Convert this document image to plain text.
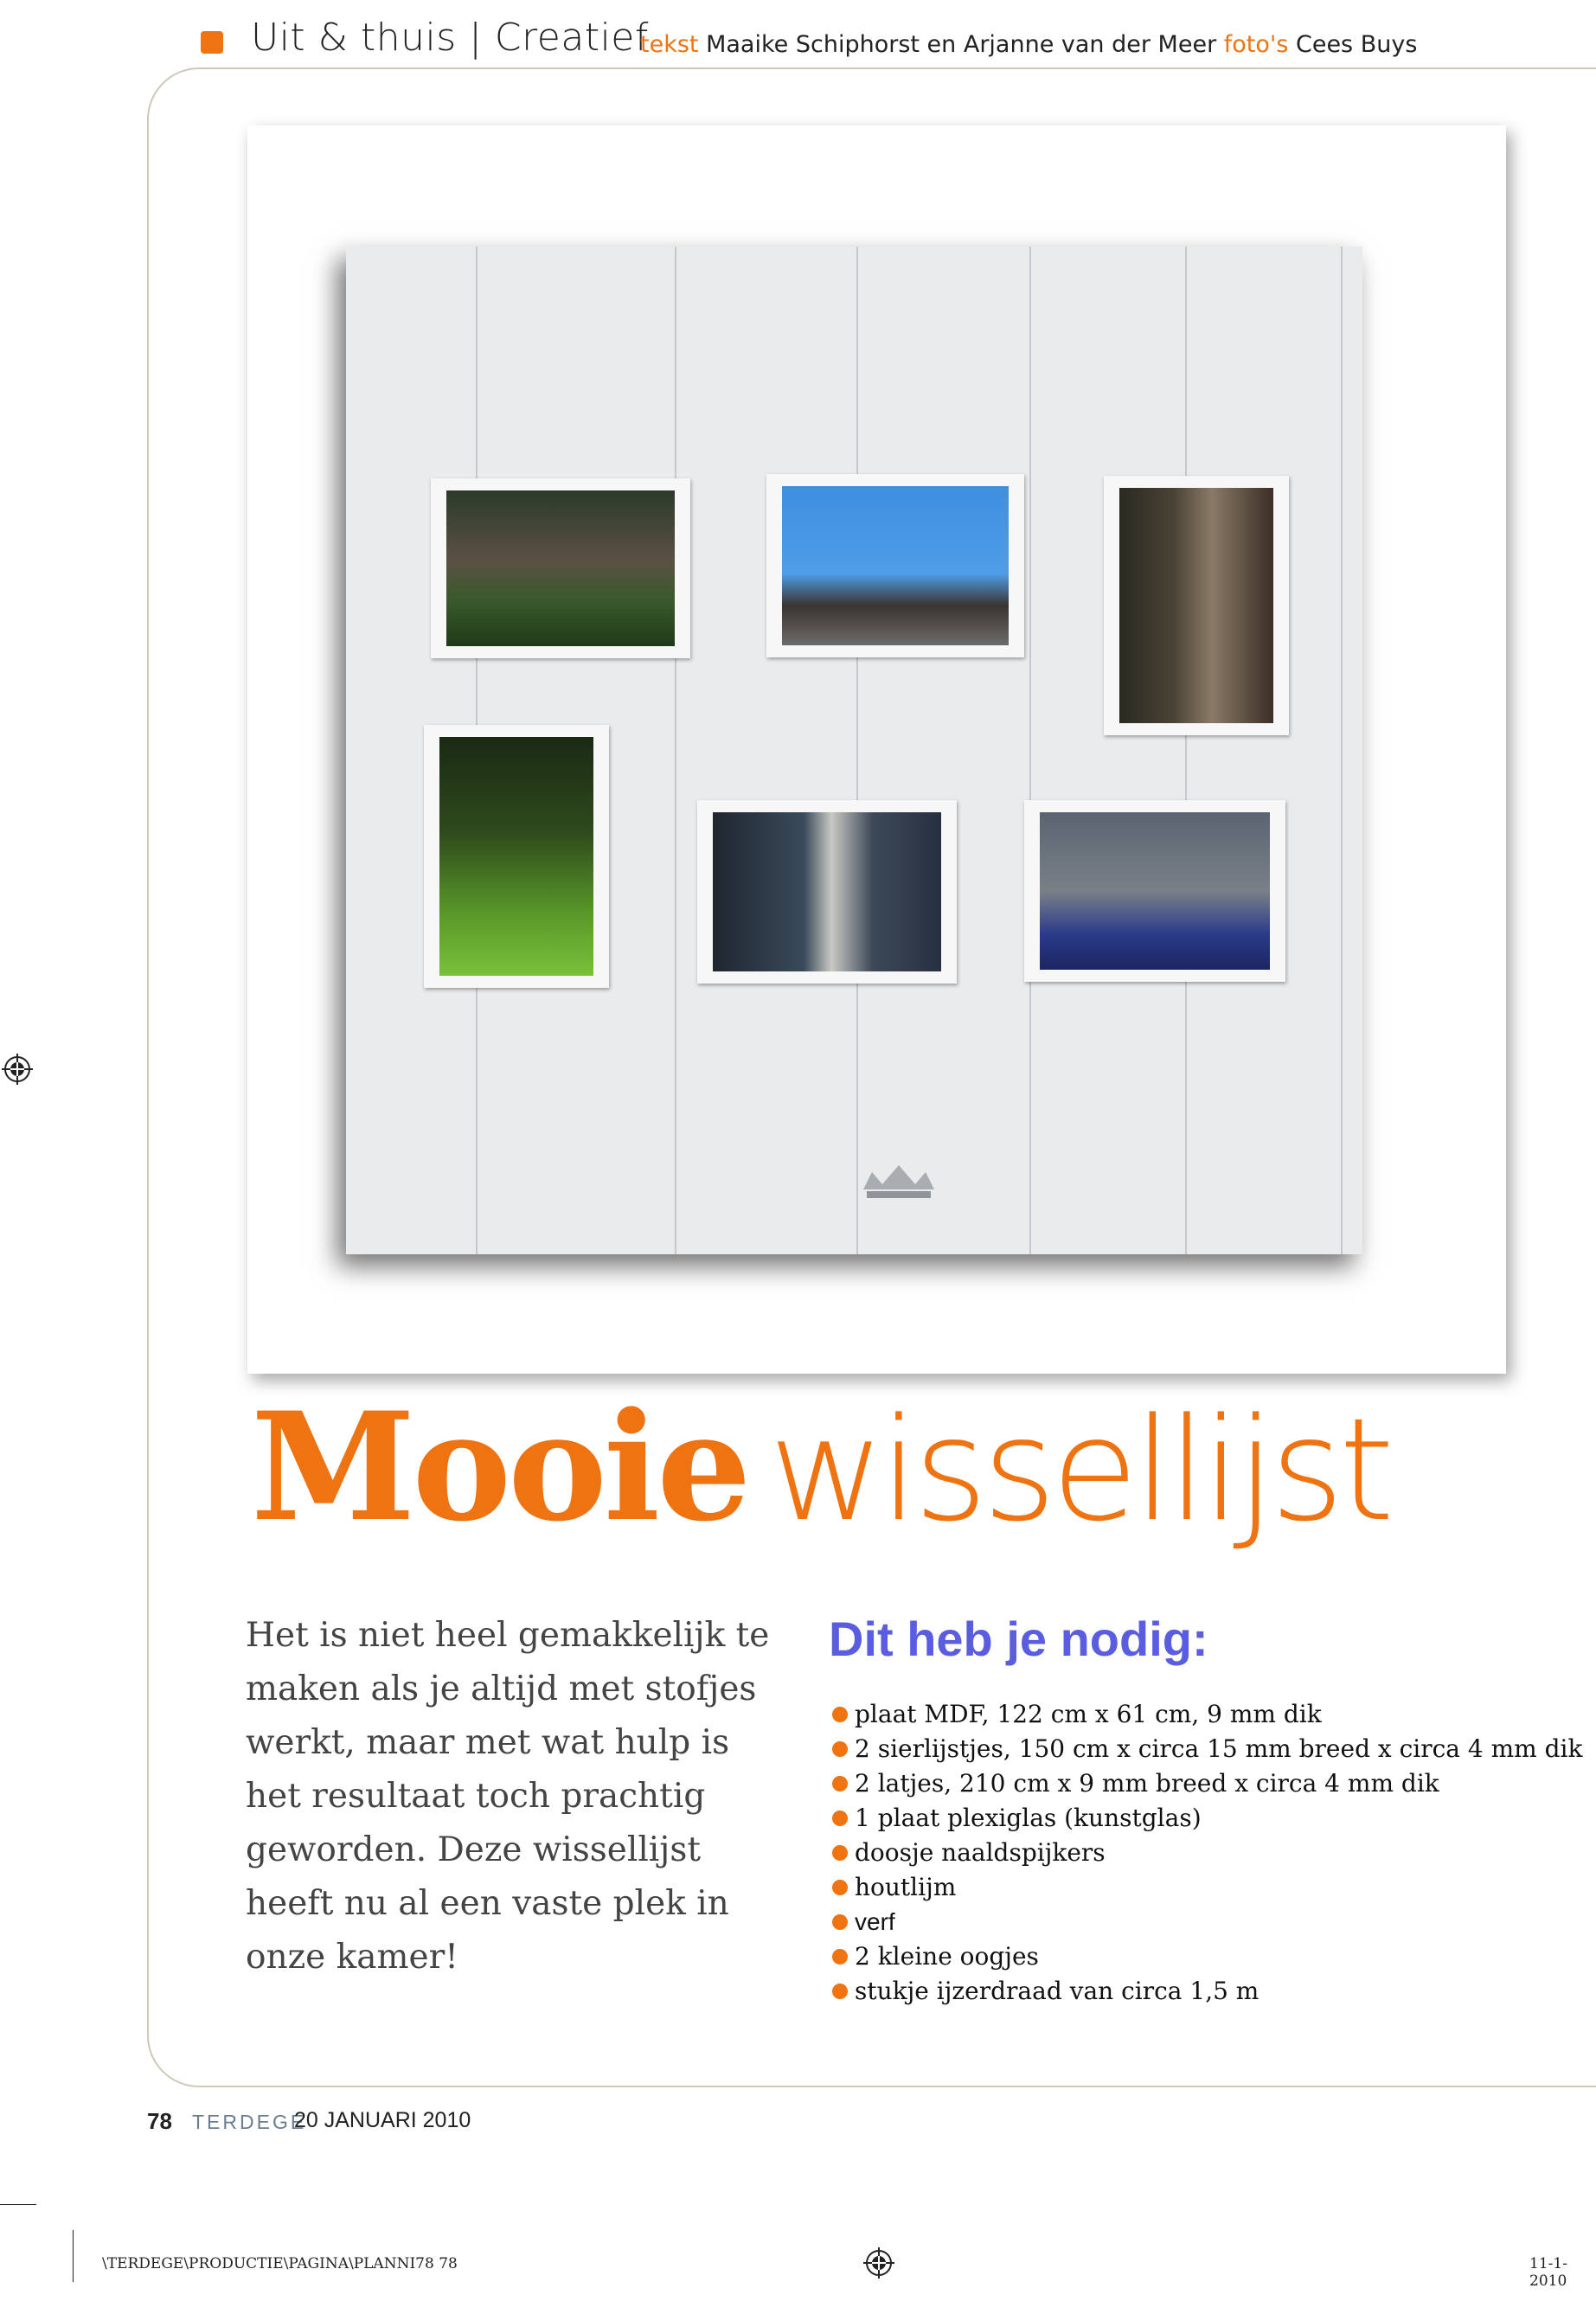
Uit & thuis | Creatief
tekst Maaike Schiphorst en Arjanne van der Meer foto's Cees Buys
Mooie wissellijst
Het is niet heel gemakkelijk te maken als je altijd met stofjes werkt, maar met wat hulp is het resultaat toch prachtig geworden. Deze wissellijst heeft nu al een vaste plek in onze kamer!
Dit heb je nodig:
plaat MDF, 122 cm x 61 cm, 9 mm dik
2 sierlijstjes, 150 cm x circa 15 mm breed x circa 4 mm dik
2 latjes, 210 cm x 9 mm breed x circa 4 mm dik
1 plaat plexiglas (kunstglas)
doosje naaldspijkers
houtlijm
verf
2 kleine oogjes
stukje ijzerdraad van circa 1,5 m
78 TERDEGE
20 JANUARI 2010
\TERDEGE\PRODUCTIE\PAGINA\PLANNI78 78	11-1-2010
